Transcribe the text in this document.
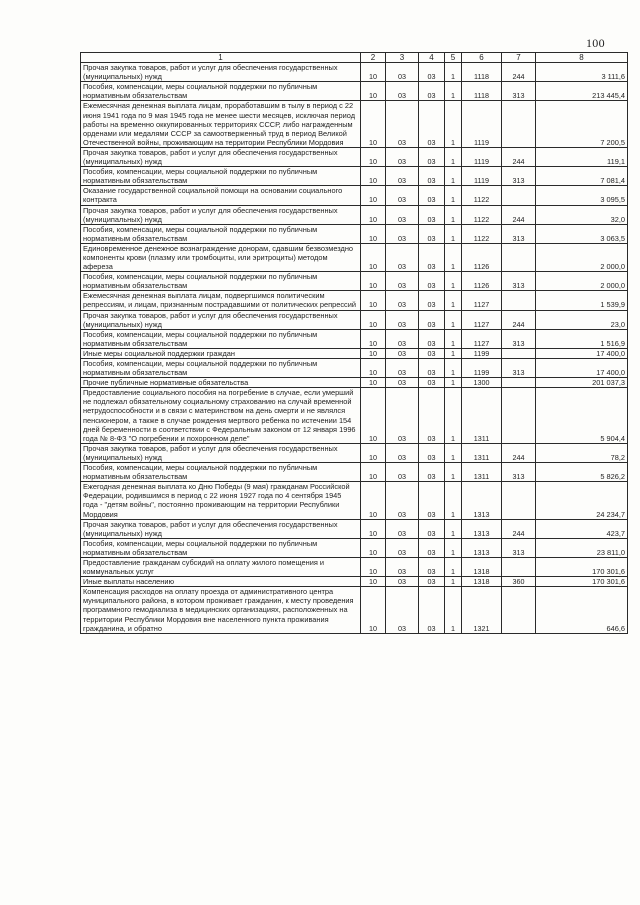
100
1	2	3	4	5	6	7	8
Прочая закупка товаров, работ и услуг для обеспечения государственных (муниципальных) нужд	10	03	03	1	1118	244	3 111,6
Пособия, компенсации, меры социальной поддержки по публичным нормативным обязательствам	10	03	03	1	1118	313	213 445,4
Ежемесячная денежная выплата лицам, проработавшим в тылу в период с 22 июня 1941 года по 9 мая 1945 года не менее шести месяцев, исключая период работы на временно оккупированных территориях СССР, либо награжденным орденами или медалями СССР за самоотверженный труд в период Великой Отечественной войны, проживающим на территории Республики Мордовия	10	03	03	1	1119		7 200,5
Прочая закупка товаров, работ и услуг для обеспечения государственных (муниципальных) нужд	10	03	03	1	1119	244	119,1
Пособия, компенсации, меры социальной поддержки по публичным нормативным обязательствам	10	03	03	1	1119	313	7 081,4
Оказание государственной социальной помощи на основании социального контракта	10	03	03	1	1122		3 095,5
Прочая закупка товаров, работ и услуг для обеспечения государственных (муниципальных) нужд	10	03	03	1	1122	244	32,0
Пособия, компенсации, меры социальной поддержки по публичным нормативным обязательствам	10	03	03	1	1122	313	3 063,5
Единовременное денежное вознаграждение донорам, сдавшим безвозмездно компоненты крови (плазму или тромбоциты, или эритроциты) методом афереза	10	03	03	1	1126		2 000,0
Пособия, компенсации, меры социальной поддержки по публичным нормативным обязательствам	10	03	03	1	1126	313	2 000,0
Ежемесячная денежная выплата лицам, подвергшимся политическим репрессиям, и лицам, признанным пострадавшими от политических репрессий	10	03	03	1	1127		1 539,9
Прочая закупка товаров, работ и услуг для обеспечения государственных (муниципальных) нужд	10	03	03	1	1127	244	23,0
Пособия, компенсации, меры социальной поддержки по публичным нормативным обязательствам	10	03	03	1	1127	313	1 516,9
Иные меры социальной поддержки граждан	10	03	03	1	1199		17 400,0
Пособия, компенсации, меры социальной поддержки по публичным нормативным обязательствам	10	03	03	1	1199	313	17 400,0
Прочие публичные нормативные обязательства	10	03	03	1	1300		201 037,3
Предоставление социального пособия на погребение в случае, если умерший не подлежал обязательному социальному страхованию на случай временной нетрудоспособности и в связи с материнством на день смерти и не являлся пенсионером, а также в случае рождения мертвого ребенка по истечении 154 дней беременности в соответствии с Федеральным законом от 12 января 1996 года № 8-ФЗ "О погребении и похоронном деле"	10	03	03	1	1311		5 904,4
Прочая закупка товаров, работ и услуг для обеспечения государственных (муниципальных) нужд	10	03	03	1	1311	244	78,2
Пособия, компенсации, меры социальной поддержки по публичным нормативным обязательствам	10	03	03	1	1311	313	5 826,2
Ежегодная денежная выплата ко Дню Победы (9 мая) гражданам Российской Федерации, родившимся в период с 22 июня 1927 года по 4 сентября 1945 года - "детям войны", постоянно проживающим на территории Республики Мордовия	10	03	03	1	1313		24 234,7
Прочая закупка товаров, работ и услуг для обеспечения государственных (муниципальных) нужд	10	03	03	1	1313	244	423,7
Пособия, компенсации, меры социальной поддержки по публичным нормативным обязательствам	10	03	03	1	1313	313	23 811,0
Предоставление гражданам субсидий на оплату жилого помещения и коммунальных услуг	10	03	03	1	1318		170 301,6
Иные выплаты населению	10	03	03	1	1318	360	170 301,6
Компенсация расходов на оплату проезда от административного центра муниципального района, в котором проживает гражданин, к месту проведения программного гемодиализа в медицинских организациях, расположенных на территории Республики Мордовия вне населенного пункта проживания гражданина, и обратно	10	03	03	1	1321		646,6
